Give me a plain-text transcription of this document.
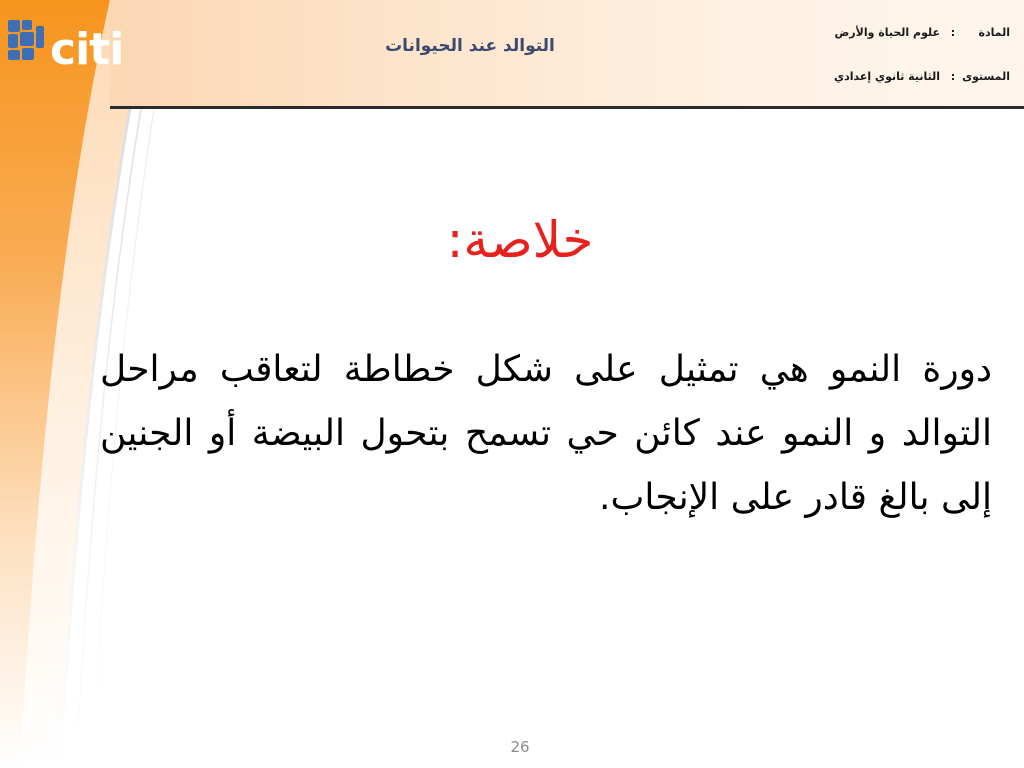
citi	التوالد عند الحيوانات
المادة
:
علوم الحياة والأرض
المستوى
:
الثانية ثانوي إعدادي
خلاصة:
دورة النمو هي تمثيل على شكل خطاطة لتعاقب مراحل التوالد و النمو عند كائن حي تسمح بتحول البيضة أو الجنين إلى بالغ قادر على الإنجاب.
26
